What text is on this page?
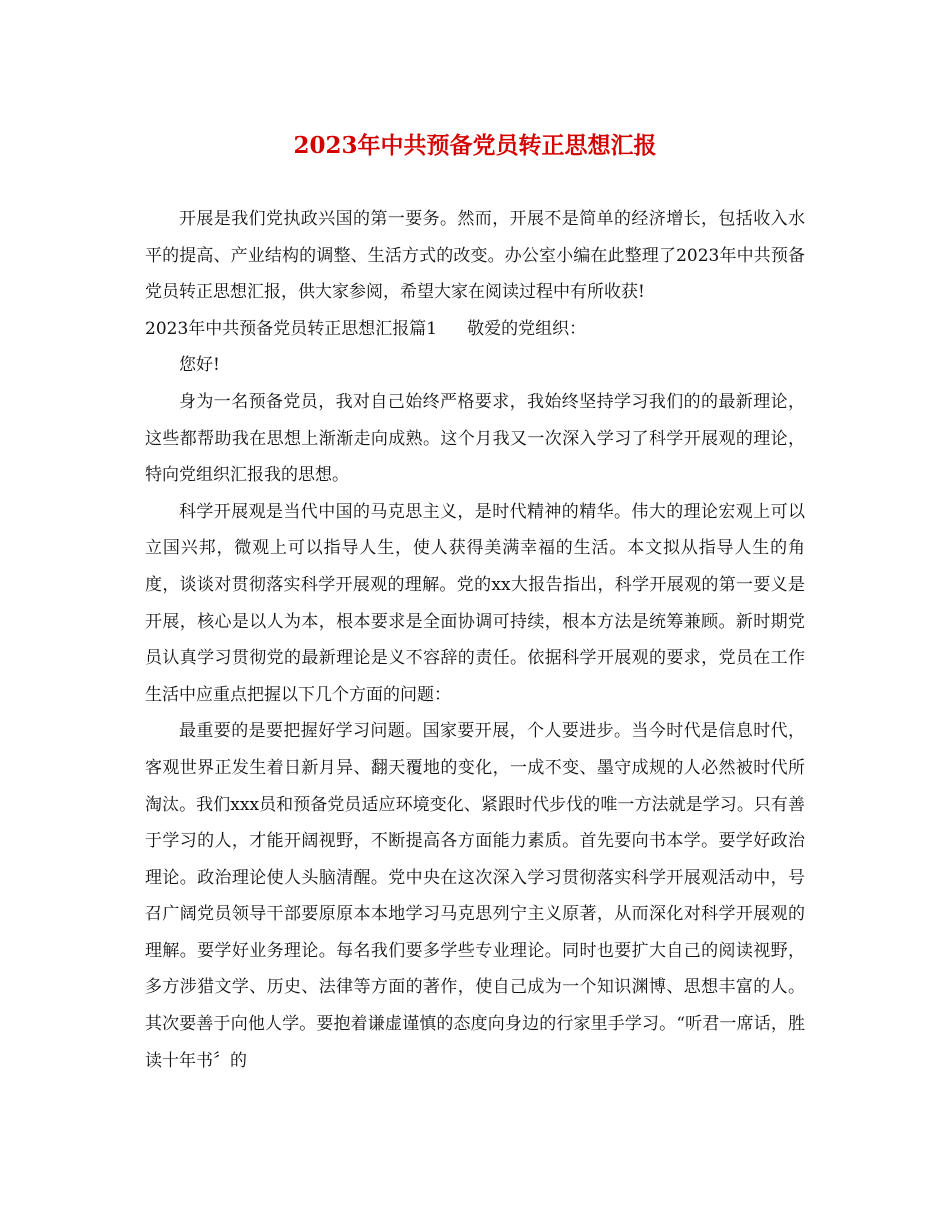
2023年中共预备党员转正思想汇报

开展是我们党执政兴国的第一要务。然而，开展不是简单的经济增长，包括收入水平的提高、产业结构的调整、生活方式的改变。办公室小编在此整理了2023年中共预备党员转正思想汇报，供大家参阅，希望大家在阅读过程中有所收获!

2023年中共预备党员转正思想汇报篇1 敬爱的党组织：

您好!

身为一名预备党员，我对自己始终严格要求，我始终坚持学习我们的的最新理论，这些都帮助我在思想上渐渐走向成熟。这个月我又一次深入学习了科学开展观的理论，特向党组织汇报我的思想。

科学开展观是当代中国的马克思主义，是时代精神的精华。伟大的理论宏观上可以立国兴邦，微观上可以指导人生，使人获得美满幸福的生活。本文拟从指导人生的角度，谈谈对贯彻落实科学开展观的理解。党的xx大报告指出，科学开展观的第一要义是开展，核心是以人为本，根本要求是全面协调可持续，根本方法是统筹兼顾。新时期党员认真学习贯彻党的最新理论是义不容辞的责任。依据科学开展观的要求，党员在工作生活中应重点把握以下几个方面的问题：

最重要的是要把握好学习问题。国家要开展，个人要进步。当今时代是信息时代，客观世界正发生着日新月异、翻天覆地的变化，一成不变、墨守成规的人必然被时代所淘汰。我们xxx员和预备党员适应环境变化、紧跟时代步伐的唯一方法就是学习。只有善于学习的人，才能开阔视野，不断提高各方面能力素质。首先要向书本学。要学好政治理论。政治理论使人头脑清醒。党中央在这次深入学习贯彻落实科学开展观活动中，号召广阔党员领导干部要原原本本地学习马克思列宁主义原著，从而深化对科学开展观的理解。要学好业务理论。每名我们要多学些专业理论。同时也要扩大自己的阅读视野，多方涉猎文学、历史、法律等方面的著作，使自己成为一个知识渊博、思想丰富的人。其次要善于向他人学。要抱着谦虚谨慎的态度向身边的行家里手学习。“听君一席话，胜读十年书〞的
